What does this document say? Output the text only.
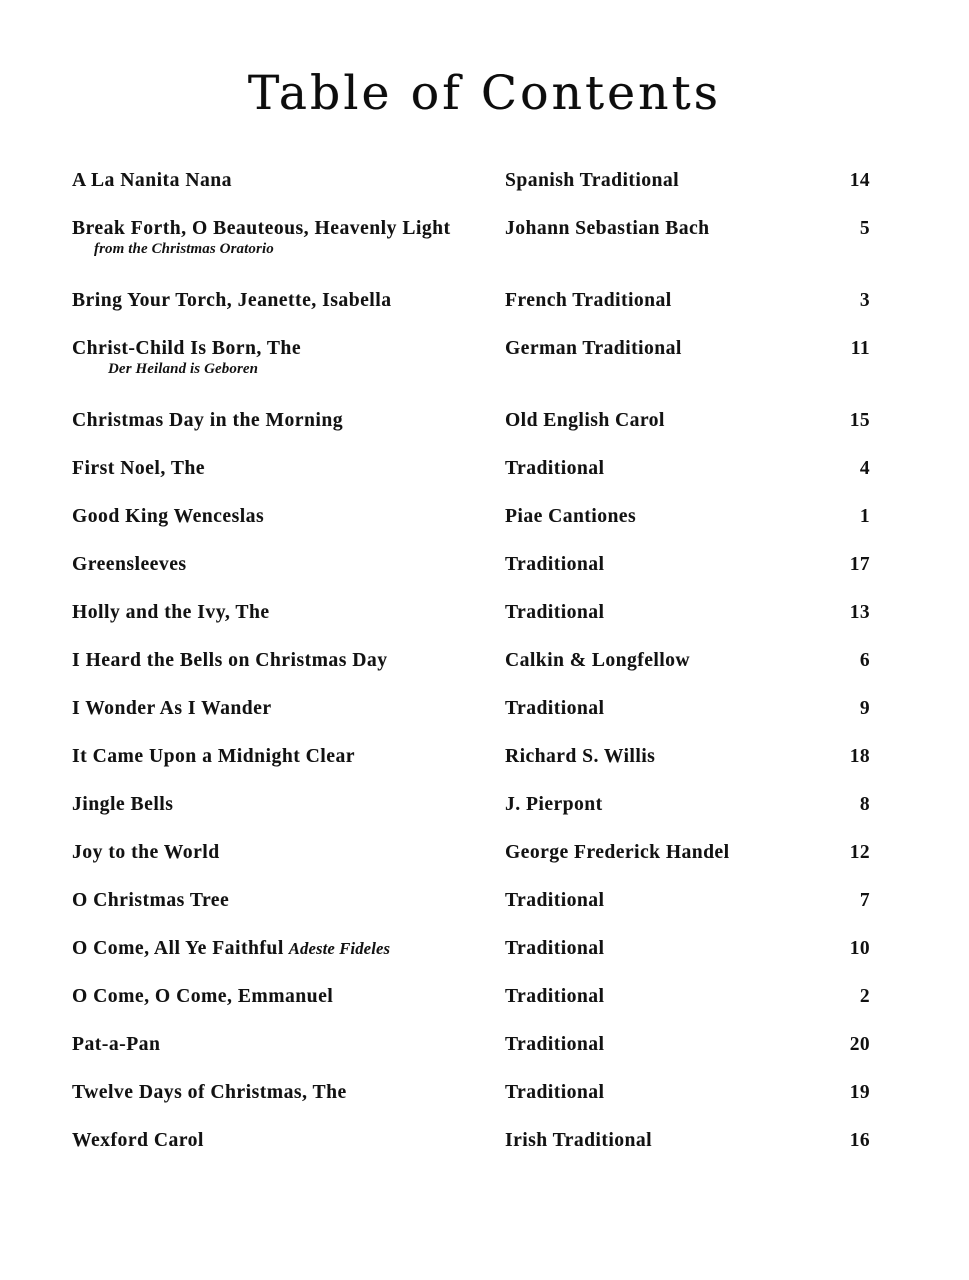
Table of Contents
A La Nanita Nana	Spanish Traditional	14
Break Forth, O Beauteous, Heavenly Light	Johann Sebastian Bach	5
from the Christmas Oratorio
Bring Your Torch, Jeanette, Isabella	French Traditional	3
Christ‐Child Is Born, The	German Traditional	11
Der Heiland is Geboren
Christmas Day in the Morning	Old English Carol	15
First Noel, The	Traditional	4
Good King Wenceslas	Piae Cantiones	1
Greensleeves	Traditional	17
Holly and the Ivy, The	Traditional	13
I Heard the Bells on Christmas Day	Calkin & Longfellow	6
I Wonder As I Wander	Traditional	9
It Came Upon a Midnight Clear	Richard S. Willis	18
Jingle Bells	J. Pierpont	8
Joy to the World	George Frederick Handel	12
O Christmas Tree	Traditional	7
O Come, All Ye Faithful Adeste Fideles	Traditional	10
O Come, O Come, Emmanuel	Traditional	2
Pat‐a‐Pan	Traditional	20
Twelve Days of Christmas, The	Traditional	19
Wexford Carol	Irish Traditional	16
